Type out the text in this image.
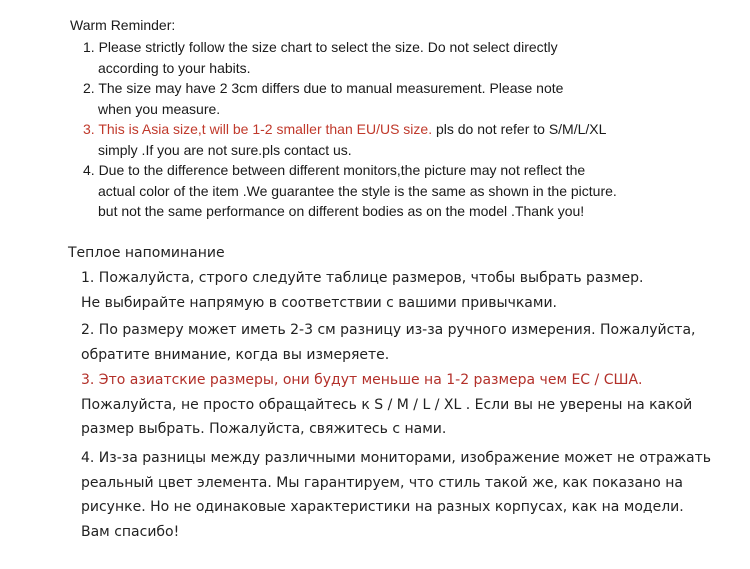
Warm Reminder:
1. Please strictly follow the size chart to select the size. Do not select directly
according to your habits.
2. The size may have 2 3cm differs due to manual measurement. Please note
when you measure.
3. This is Asia size,t will be 1-2 smaller than EU/US size. pls do not refer to S/M/L/XL
simply .If you are not sure.pls contact us.
4. Due to the difference between different monitors,the picture may not reflect the
actual color of the item .We guarantee the style is the same as shown in the picture.
but not the same performance on different bodies as on the model .Thank you!
Теплое напоминание
1. Пожалуйста, строго следуйте таблице размеров, чтобы выбрать размер.
Не выбирайте напрямую в соответствии с вашими привычками.
2. По размеру может иметь 2-3 см разницу из-за ручного измерения. Пожалуйста,
обратите внимание, когда вы измеряете.
3. Это азиатские размеры, они будут меньше на 1-2 размера чем ЕС / США.
Пожалуйста, не просто обращайтесь к S / M / L / XL . Если вы не уверены на какой
размер выбрать. Пожалуйста, свяжитесь с нами.
4. Из-за разницы между различными мониторами, изображение может не отражать
реальный цвет элемента. Мы гарантируем, что стиль такой же, как показано на
рисунке. Но не одинаковые характеристики на разных корпусах, как на модели.
Вам спасибо!
